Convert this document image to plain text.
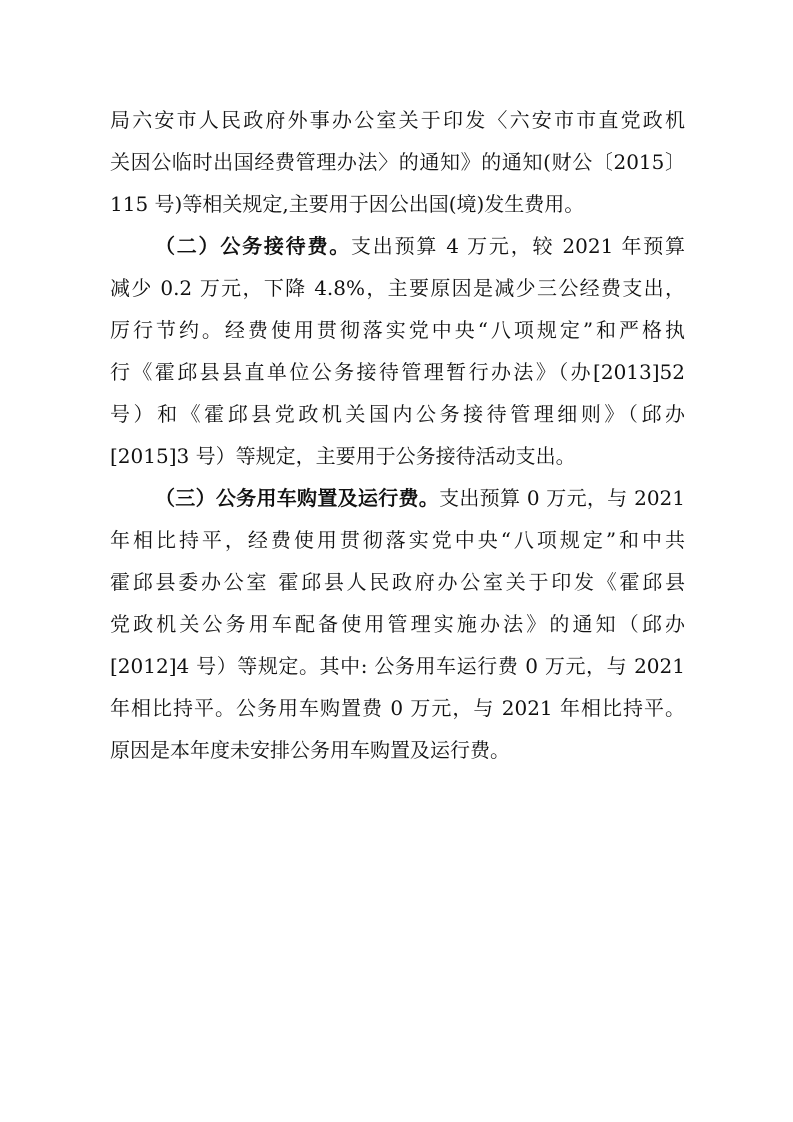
局六安市人民政府外事办公室关于印发〈六安市市直党政机
关因公临时出国经费管理办法〉的通知》的通知(财公〔2015〕
115 号)等相关规定,主要用于因公出国(境)发生费用。
（二）公务接待费。支出预算 4 万元，较 2021 年预算
减少 0.2 万元，下降 4.8%，主要原因是减少三公经费支出，
厉行节约。经费使用贯彻落实党中央“八项规定”和严格执
行《霍邱县县直单位公务接待管理暂行办法》（办[2013]52
号）和《霍邱县党政机关国内公务接待管理细则》（邱办
[2015]3 号）等规定，主要用于公务接待活动支出。
（三）公务用车购置及运行费。支出预算 0 万元，与 2021
年相比持平，经费使用贯彻落实党中央“八项规定”和中共
霍邱县委办公室 霍邱县人民政府办公室关于印发《霍邱县
党政机关公务用车配备使用管理实施办法》的通知（邱办
[2012]4 号）等规定。其中: 公务用车运行费 0 万元，与 2021
年相比持平。公务用车购置费 0 万元，与 2021 年相比持平。
原因是本年度未安排公务用车购置及运行费。
